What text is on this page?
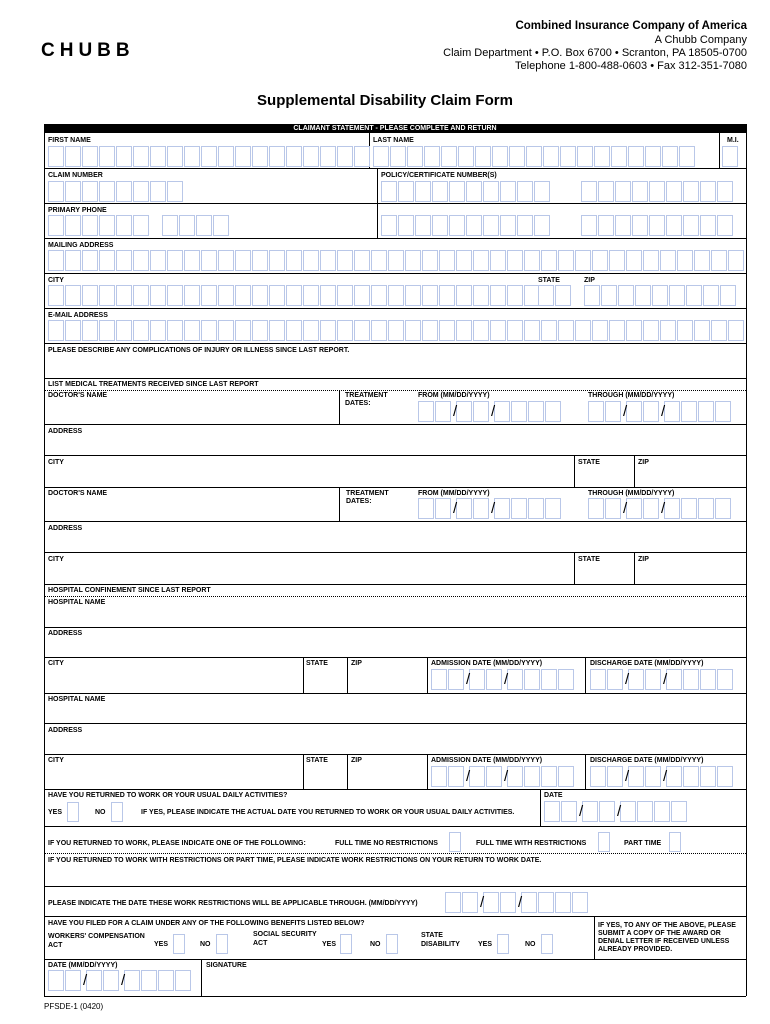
CHUBB
Combined Insurance Company of America
A Chubb Company
Claim Department • P.O. Box 6700 • Scranton, PA 18505-0700
Telephone 1-800-488-0603 • Fax 312-351-7080
Supplemental Disability Claim Form
CLAIMANT STATEMENT - PLEASE COMPLETE AND RETURN
FIRST NAME	LAST NAME	M.I.
CLAIM NUMBER	POLICY/CERTIFICATE NUMBER(S)
PRIMARY PHONE
MAILING ADDRESS
CITY	STATE	ZIP
E-MAIL ADDRESS
PLEASE DESCRIBE ANY COMPLICATIONS OF INJURY OR ILLNESS SINCE LAST REPORT.
LIST MEDICAL TREATMENTS RECEIVED SINCE LAST REPORT
DOCTOR'S NAME	TREATMENT DATES:
FROM (MM/DD/YYYY)	THROUGH (MM/DD/YYYY)
/ /	/ /
ADDRESS
CITY	STATE	ZIP
DOCTOR'S NAME	TREATMENT DATES:
FROM (MM/DD/YYYY)	THROUGH (MM/DD/YYYY)
/ /	/ /
ADDRESS
CITY	STATE	ZIP
HOSPITAL CONFINEMENT SINCE LAST REPORT
HOSPITAL NAME
ADDRESS
CITY	STATE	ZIP	ADMISSION DATE (MM/DD/YYYY)	DISCHARGE DATE (MM/DD/YYYY)
/ /	/ /
HOSPITAL NAME
ADDRESS
CITY	STATE	ZIP	ADMISSION DATE (MM/DD/YYYY)	DISCHARGE DATE (MM/DD/YYYY)
/ /	/ /
HAVE YOU RETURNED TO WORK OR YOUR USUAL DAILY ACTIVITIES?	DATE
YES	NO	IF YES, PLEASE INDICATE THE ACTUAL DATE YOU RETURNED TO WORK OR YOUR USUAL DAILY ACTIVITIES.	/ /
IF YOU RETURNED TO WORK, PLEASE INDICATE ONE OF THE FOLLOWING:	FULL TIME NO RESTRICTIONS	FULL TIME WITH RESTRICTIONS	PART TIME
IF YOU RETURNED TO WORK WITH RESTRICTIONS OR PART TIME, PLEASE INDICATE WORK RESTRICTIONS ON YOUR RETURN TO WORK DATE.
PLEASE INDICATE THE DATE THESE WORK RESTRICTIONS WILL BE APPLICABLE THROUGH. (MM/DD/YYYY)	/ /
HAVE YOU FILED FOR A CLAIM UNDER ANY OF THE FOLLOWING BENEFITS LISTED BELOW?
WORKERS' COMPENSATION
ACT	YES	NO
SOCIAL SECURITY
ACT	YES	NO
STATE
DISABILITY	YES	NO
IF YES, TO ANY OF THE ABOVE, PLEASE SUBMIT A COPY OF THE AWARD OR DENIAL LETTER IF RECEIVED UNLESS ALREADY PROVIDED.
DATE (MM/DD/YYYY)	SIGNATURE
/ /
PFSDE-1 (0420)
